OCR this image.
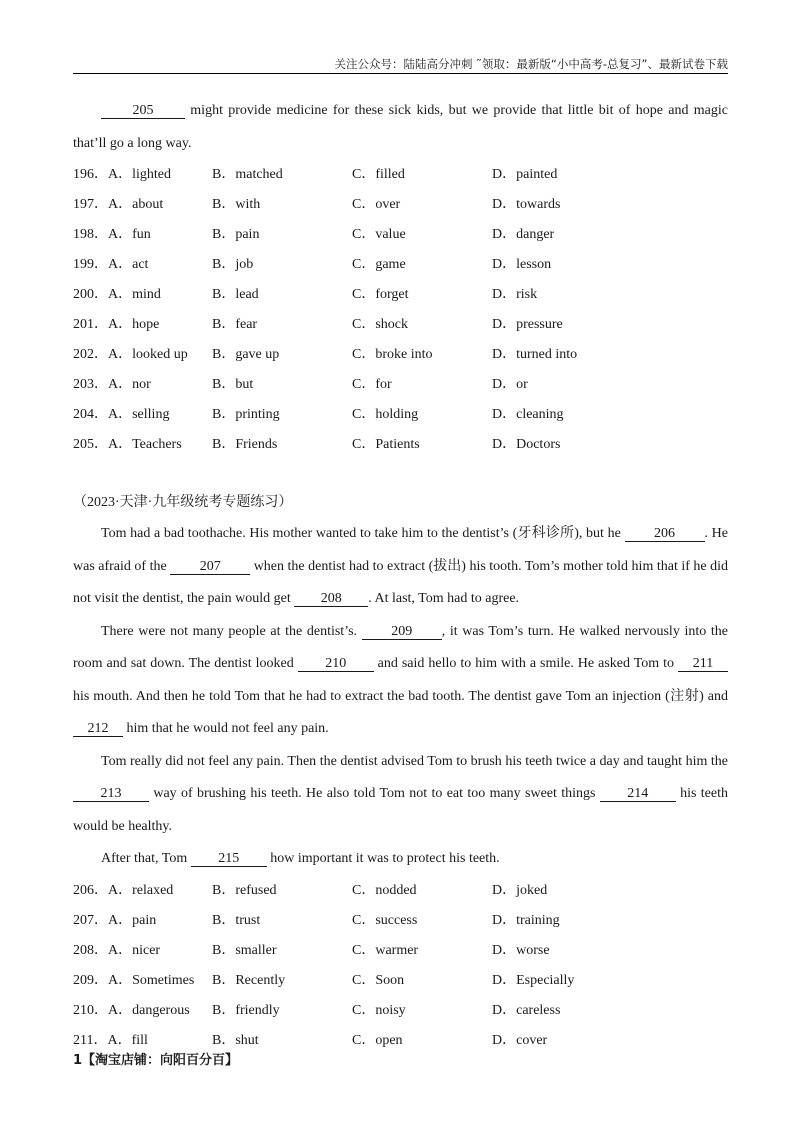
关注公众号：陆陆高分冲刺 ˜领取：最新版“小中高考-总复习”、最新试卷下载

205 might provide medicine for these sick kids, but we provide that little bit of hope and magic that’ll go a long way.

196．A．lighted	B．matched	C．filled	D．painted
197．A．about	B．with	C．over	D．towards
198．A．fun	B．pain	C．value	D．danger
199．A．act	B．job	C．game	D．lesson
200．A．mind	B．lead	C．forget	D．risk
201．A．hope	B．fear	C．shock	D．pressure
202．A．looked up	B．gave up	C．broke into	D．turned into
203．A．nor	B．but	C．for	D．or
204．A．selling	B．printing	C．holding	D．cleaning
205．A．Teachers	B．Friends	C．Patients	D．Doctors
（2023·天津·九年级统考专题练习）

Tom had a bad toothache. His mother wanted to take him to the dentist’s (牙科诊所), but he 206 . He was afraid of the 207 when the dentist had to extract (拔出) his tooth. Tom’s mother told him that if he did not visit the dentist, the pain would get 208 . At last, Tom had to agree.

There were not many people at the dentist’s. 209 , it was Tom’s turn. He walked nervously into the room and sat down. The dentist looked 210 and said hello to him with a smile. He asked Tom to 211 his mouth. And then he told Tom that he had to extract the bad tooth. The dentist gave Tom an injection (注射) and 212 him that he would not feel any pain.

Tom really did not feel any pain. Then the dentist advised Tom to brush his teeth twice a day and taught him the 213 way of brushing his teeth. He also told Tom not to eat too many sweet things 214 his teeth would be healthy.

After that, Tom 215 how important it was to protect his teeth.

206．A．relaxed	B．refused	C．nodded	D．joked
207．A．pain	B．trust	C．success	D．training
208．A．nicer	B．smaller	C．warmer	D．worse
209．A．Sometimes	B．Recently	C．Soon	D．Especially
210．A．dangerous	B．friendly	C．noisy	D．careless
211．A．fill	B．shut	C．open	D．cover
1【淘宝店铺：向阳百分百】
